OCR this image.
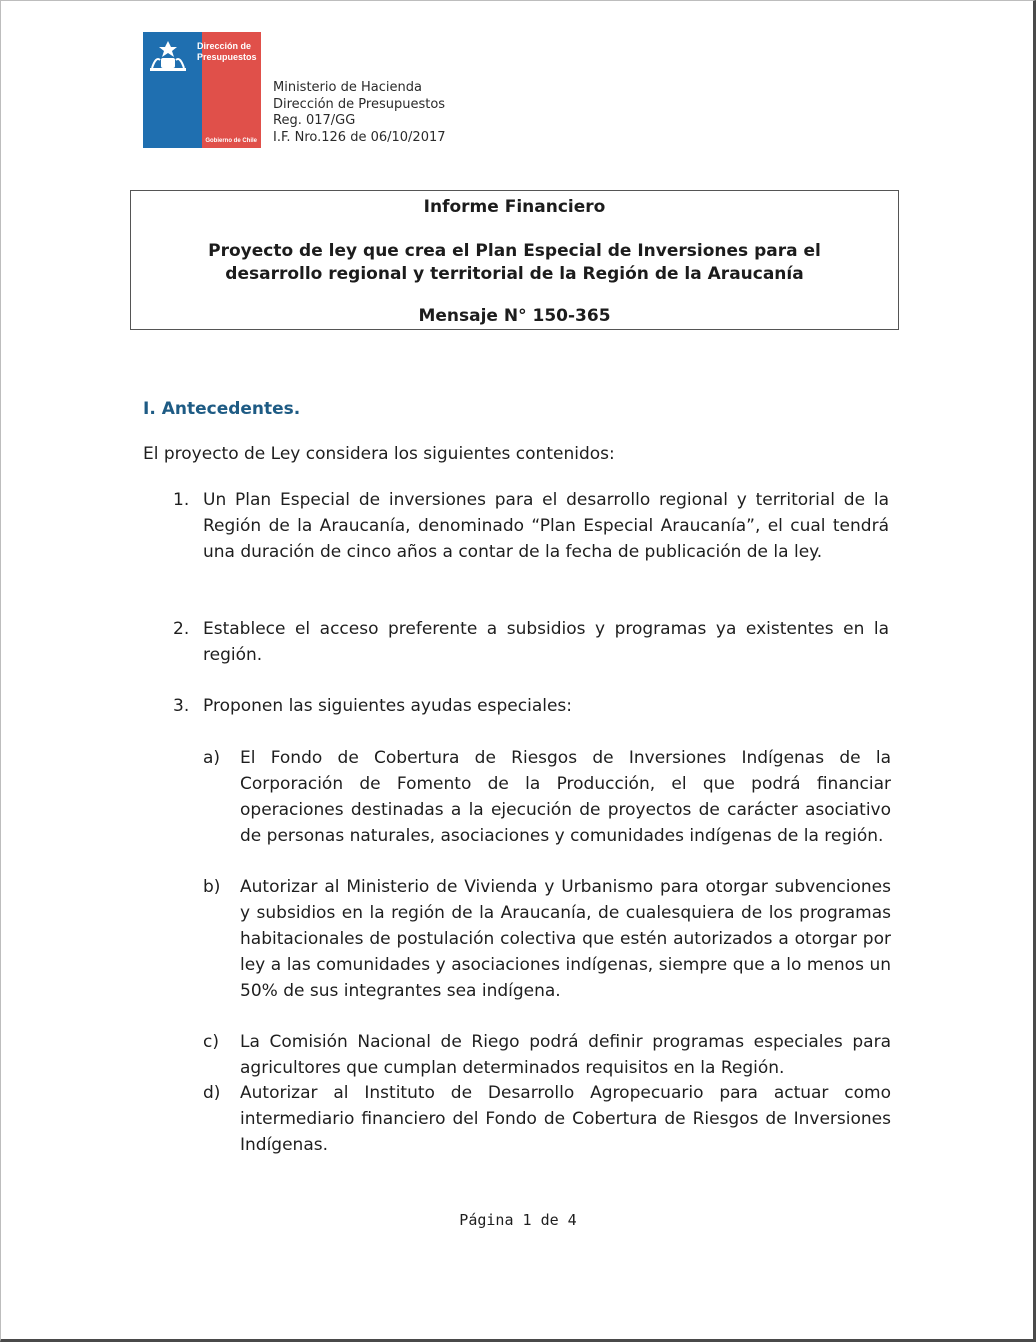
Dirección de
Presupuestos
Gobierno de Chile
Ministerio de Hacienda
Dirección de Presupuestos
Reg. 017/GG
I.F. Nro.126 de 06/10/2017
Informe Financiero
Proyecto de ley que crea el Plan Especial de Inversiones para el
desarrollo regional y territorial de la Región de la Araucanía
Mensaje N° 150-365
I. Antecedentes.
El proyecto de Ley considera los siguientes contenidos:
1. Un Plan Especial de inversiones para el desarrollo regional y territorial de la Región de la Araucanía, denominado “Plan Especial Araucanía”, el cual tendrá una duración de cinco años a contar de la fecha de publicación de la ley.
2. Establece el acceso preferente a subsidios y programas ya existentes en la región.
3. Proponen las siguientes ayudas especiales:
a) El Fondo de Cobertura de Riesgos de Inversiones Indígenas de la Corporación de Fomento de la Producción, el que podrá financiar operaciones destinadas a la ejecución de proyectos de carácter asociativo de personas naturales, asociaciones y comunidades indígenas de la región.
b) Autorizar al Ministerio de Vivienda y Urbanismo para otorgar subvenciones y subsidios en la región de la Araucanía, de cualesquiera de los programas habitacionales de postulación colectiva que estén autorizados a otorgar por ley a las comunidades y asociaciones indígenas, siempre que a lo menos un 50% de sus integrantes sea indígena.
c) La Comisión Nacional de Riego podrá definir programas especiales para agricultores que cumplan determinados requisitos en la Región.
d) Autorizar al Instituto de Desarrollo Agropecuario para actuar como intermediario financiero del Fondo de Cobertura de Riesgos de Inversiones Indígenas.
Página 1 de 4
